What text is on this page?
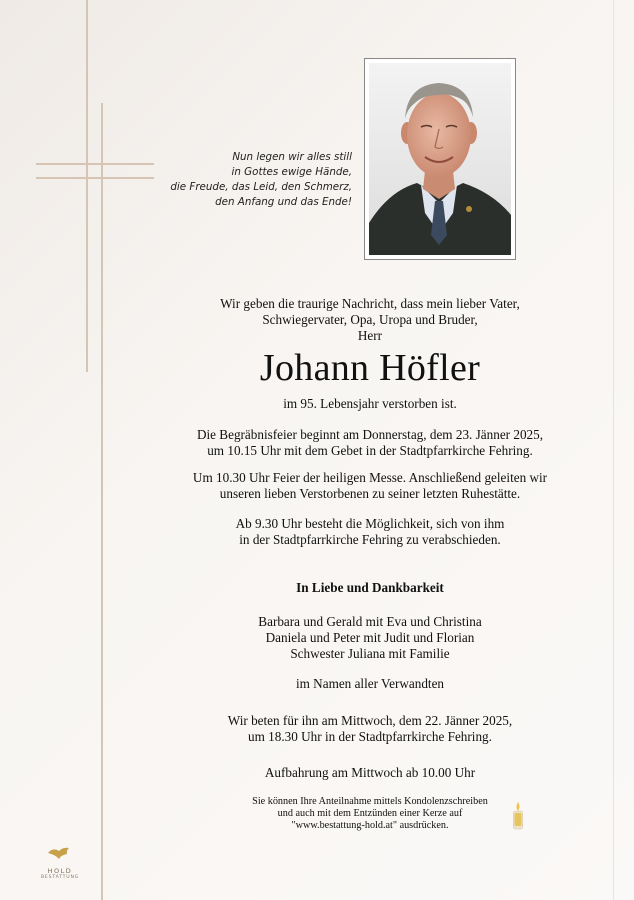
Nun legen wir alles still
in Gottes ewige Hände,
die Freude, das Leid, den Schmerz,
den Anfang und das Ende!
Wir geben die traurige Nachricht, dass mein lieber Vater,
Schwiegervater, Opa, Uropa und Bruder,
Herr
Johann Höfler
im 95. Lebensjahr verstorben ist.
Die Begräbnisfeier beginnt am Donnerstag, dem 23. Jänner 2025,
um 10.15 Uhr mit dem Gebet in der Stadtpfarrkirche Fehring.
Um 10.30 Uhr Feier der heiligen Messe. Anschließend geleiten wir
unseren lieben Verstorbenen zu seiner letzten Ruhestätte.
Ab 9.30 Uhr besteht die Möglichkeit, sich von ihm
in der Stadtpfarrkirche Fehring zu verabschieden.
In Liebe und Dankbarkeit
Barbara und Gerald mit Eva und Christina
Daniela und Peter mit Judit und Florian
Schwester Juliana mit Familie
im Namen aller Verwandten
Wir beten für ihn am Mittwoch, dem 22. Jänner 2025,
um 18.30 Uhr in der Stadtpfarrkirche Fehring.
Aufbahrung am Mittwoch ab 10.00 Uhr
Sie können Ihre Anteilnahme mittels Kondolenzschreiben
und auch mit dem Entzünden einer Kerze auf
"www.bestattung-hold.at" ausdrücken.
HOLD
BESTATTUNG
